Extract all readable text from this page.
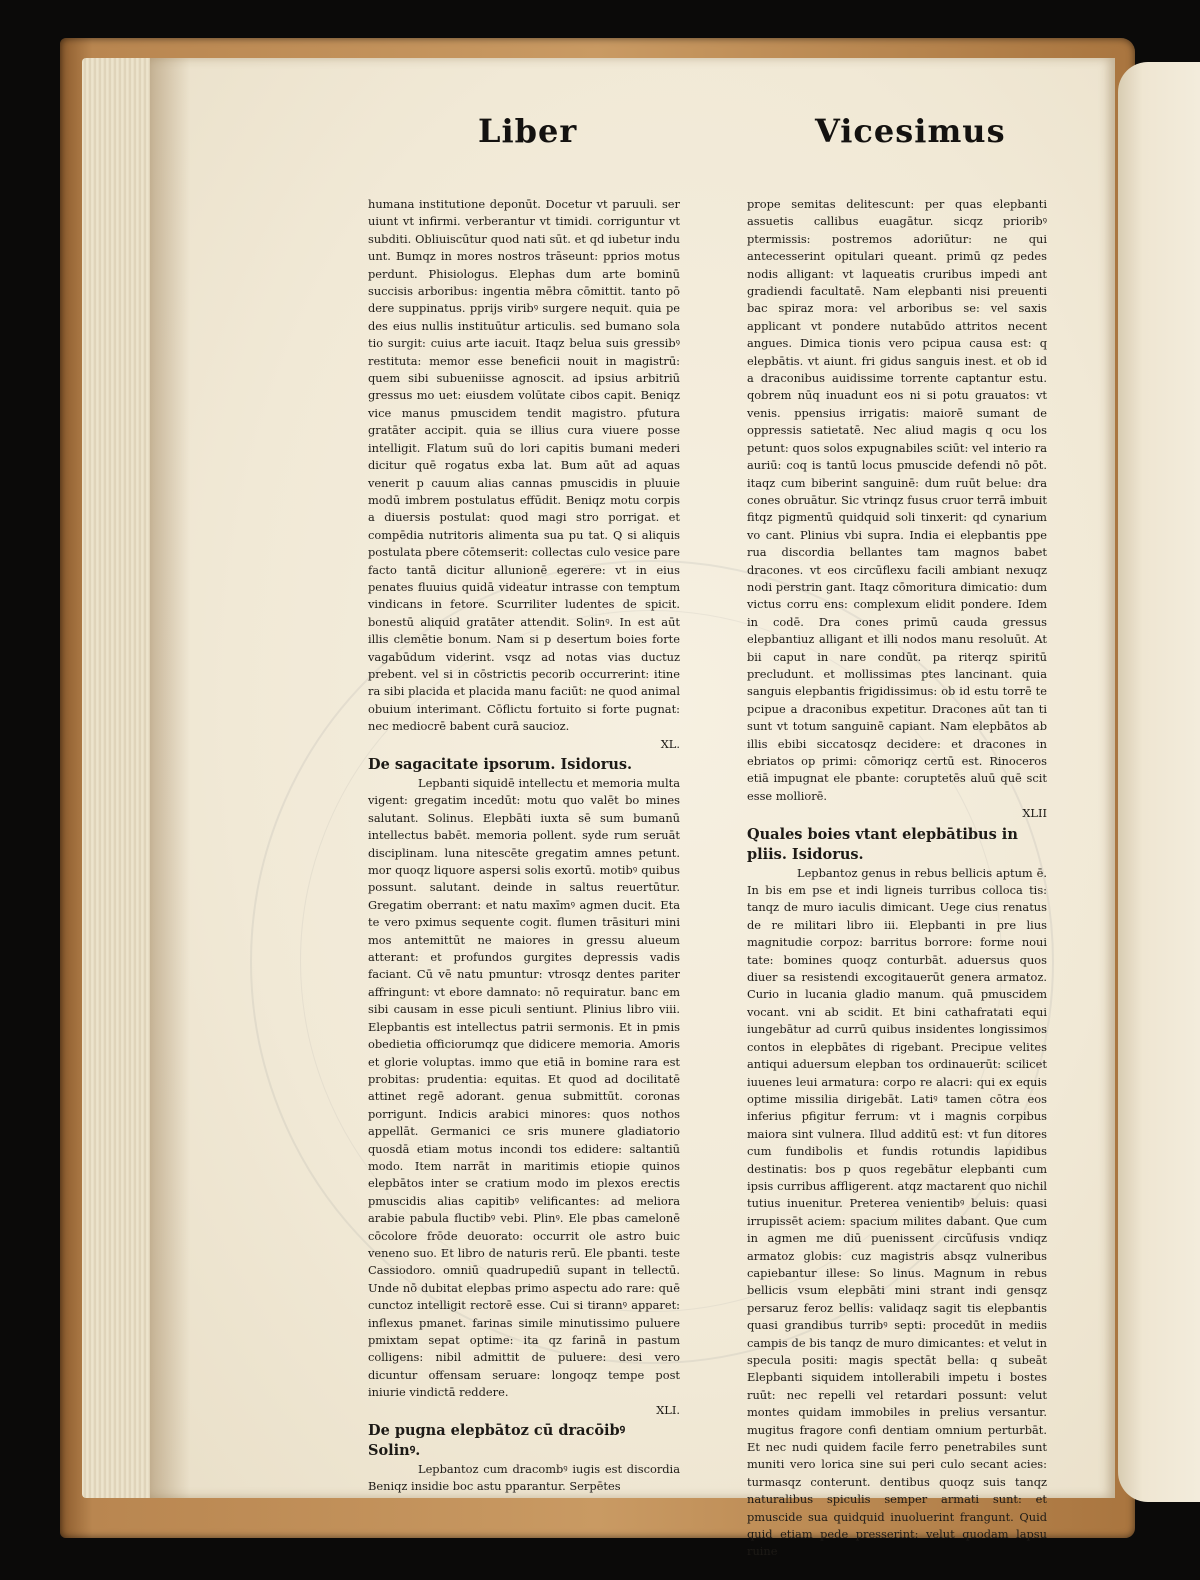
Liber	Vicesimus

humana institutione deponūt. Docetur vt paruuli. ser uiunt vt infirmi. verberantur vt timidi. corriguntur vt subditi. Obliuiscūtur quod nati sūt. et qd iubetur indu unt. Bumqz in mores nostros trāseunt: pprios motus perdunt. Phisiologus. Elephas dum arte bominū succisis arboribus: ingentia mēbra cōmittit. tanto pō dere suppinatus. pprijs viribꝰ surgere nequit. quia pe des eius nullis instituūtur articulis. sed bumano sola tio surgit: cuius arte iacuit. Itaqz belua suis gressibꝰ restituta: memor esse beneficii nouit in magistrū: quem sibi subueniisse agnoscit. ad ipsius arbitriū gressus mo uet: eiusdem volūtate cibos capit. Beniqz vice manus pmuscidem tendit magistro. pfutura gratāter accipit. quia se illius cura viuere posse intelligit. Flatum suū do lori capitis bumani mederi dicitur quē rogatus exba lat. Bum aūt ad aquas venerit p cauum alias cannas pmuscidis in pluuie modū imbrem postulatus effūdit. Beniqz motu corpis a diuersis postulat: quod magi stro porrigat. et compēdia nutritoris alimenta sua pu tat. Q si aliquis postulata pbere cōtemserit: collectas culo vesice pare facto tantā dicitur allunionē egerere: vt in eius penates fluuius quidā videatur intrasse con temptum vindicans in fetore. Scurriliter ludentes de spicit. bonestū aliquid gratāter attendit. Solinꝰ. In est aūt illis clemētie bonum. Nam si p desertum boies forte vagabūdum viderint. vsqz ad notas vias ductuz prebent. vel si in cōstrictis pecorib occurrerint: itine ra sibi placida et placida manu faciūt: ne quod animal obuium interimant. Cōflictu fortuito si forte pugnat: nec mediocrē babent curā saucioz.

XL.
De sagacitate ipsorum. Isidorus.

Lepbanti siquidē intellectu et memoria multa vigent: gregatim incedūt: motu quo valēt bo mines salutant. Solinus. Elepbāti iuxta sē sum bumanū intellectus babēt. memoria pollent. syde rum seruāt disciplinam. luna nitescēte gregatim amnes petunt. mor quoqz liquore aspersi solis exortū. motibꝰ quibus possunt. salutant. deinde in saltus reuertūtur. Gregatim oberrant: et natu maxīmꝰ agmen ducit. Eta te vero pximus sequente cogit. flumen trāsituri mini mos antemittūt ne maiores in gressu alueum atterant: et profundos gurgites depressis vadis faciant. Cū vē natu pmuntur: vtrosqz dentes pariter affringunt: vt ebore damnato: nō requiratur. banc em sibi causam in esse piculi sentiunt. Plinius libro viii. Elepbantis est intellectus patrii sermonis. Et in pmis obedietia officiorumqz que didicere memoria. Amoris et glorie voluptas. immo que etiā in bomine rara est probitas: prudentia: equitas. Et quod ad docilitatē attinet regē adorant. genua submittūt. coronas porrigunt. Indicis arabici minores: quos nothos appellāt. Germanici ce sris munere gladiatorio quosdā etiam motus incondi tos edidere: saltantiū modo. Item narrāt in maritimis etiopie quinos elepbātos inter se cratium modo im plexos erectis pmuscidis alias capitibꝰ velificantes: ad meliora arabie pabula fluctibꝰ vebi. Plinꝰ. Ele pbas camelonē cōcolore frōde deuorato: occurrit ole astro buic veneno suo. Et libro de naturis rerū. Ele pbanti. teste Cassiodoro. omniū quadrupediū supant in tellectū. Unde nō dubitat elepbas primo aspectu ado rare: quē cunctoz intelligit rectorē esse. Cui si tirannꝰ apparet: inflexus pmanet. farinas simile minutissimo puluere pmixtam sepat optime: ita qz farinā in pastum colligens: nibil admittit de puluere: desi vero dicuntur offensam seruare: longoqz tempe post iniurie vindictā reddere.

XLI.
De pugna elepbātoz cū dracōibꝰ Solinꝰ.

Lepbantoz cum dracombꝰ iugis est discordia Beniqz insidie boc astu pparantur. Serpētes

prope semitas delitescunt: per quas elepbanti assuetis callibus euagātur. sicqz prioribꝰ ptermissis: postremos adoriūtur: ne qui antecesserint opitulari queant. primū qz pedes nodis alligant: vt laqueatis cruribus impedi ant gradiendi facultatē. Nam elepbanti nisi preuenti bac spiraz mora: vel arboribus se: vel saxis applicant vt pondere nutabūdo attritos necent angues. Dimica tionis vero pcipua causa est: q elepbātis. vt aiunt. fri gidus sanguis inest. et ob id a draconibus auidissime torrente captantur estu. qobrem nūq inuadunt eos ni si potu grauatos: vt venis. ppensius irrigatis: maiorē sumant de oppressis satietatē. Nec aliud magis q ocu los petunt: quos solos expugnabiles sciūt: vel interio ra auriū: coq is tantū locus pmuscide defendi nō pōt. itaqz cum biberint sanguinē: dum ruūt belue: dra cones obruātur. Sic vtrinqz fusus cruor terrā imbuit fitqz pigmentū quidquid soli tinxerit: qd cynarium vo cant. Plinius vbi supra. India ei elepbantis ppe rua discordia bellantes tam magnos babet dracones. vt eos circūflexu facili ambiant nexuqz nodi perstrin gant. Itaqz cōmoritura dimicatio: dum victus corru ens: complexum elidit pondere. Idem in codē. Dra cones primū cauda gressus elepbantiuz alligant et illi nodos manu resoluūt. At bii caput in nare condūt. pa riterqz spiritū precludunt. et mollissimas ptes lancinant. quia sanguis elepbantis frigidissimus: ob id estu torrē te pcipue a draconibus expetitur. Dracones aūt tan ti sunt vt totum sanguinē capiant. Nam elepbātos ab illis ebibi siccatosqz decidere: et dracones in ebriatos op primi: cōmoriqz certū est. Rinoceros etiā impugnat ele pbante: coruptetēs aluū quē scit esse molliorē.

XLII
Quales boies vtant elepbātibus in pliis. Isidorus.

Lepbantoz genus in rebus bellicis aptum ē. In bis em pse et indi ligneis turribus colloca tis: tanqz de muro iaculis dimicant. Uege cius renatus de re militari libro iii. Elepbanti in pre lius magnitudie corpoz: barritus borrore: forme noui tate: bomines quoqz conturbāt. aduersus quos diuer sa resistendi excogitauerūt genera armatoz. Curio in lucania gladio manum. quā pmuscidem vocant. vni ab scidit. Et bini cathafratati equi iungebātur ad currū quibus insidentes longissimos contos in elepbātes di rigebant. Precipue velites antiqui aduersum elepban tos ordinauerūt: scilicet iuuenes leui armatura: corpo re alacri: qui ex equis optime missilia dirigebāt. Latiꝰ tamen cōtra eos inferius pfigitur ferrum: vt i magnis corpibus maiora sint vulnera. Illud additū est: vt fun ditores cum fundibolis et fundis rotundis lapidibus destinatis: bos p quos regebātur elepbanti cum ipsis curribus affligerent. atqz mactarent quo nichil tutius inuenitur. Preterea venientibꝰ beluis: quasi irrupissēt aciem: spacium milites dabant. Que cum in agmen me diū puenissent circūfusis vndiqz armatoz globis: cuz magistris absqz vulneribus capiebantur illese: So linus. Magnum in rebus bellicis vsum elepbāti mini strant indi gensqz persaruz feroz bellis: validaqz sagit tis elepbantis quasi grandibus turribꝰ septi: procedūt in mediis campis de bis tanqz de muro dimicantes: et velut in specula positi: magis spectāt bella: q subeāt Elepbanti siquidem intollerabili impetu i bostes ruūt: nec repelli vel retardari possunt: velut montes quidam immobiles in prelius versantur. mugitus fragore confi dentiam omnium perturbāt. Et nec nudi quidem facile ferro penetrabiles sunt muniti vero lorica sine sui peri culo secant acies: turmasqz conterunt. dentibus quoqz suis tanqz naturalibus spiculis semper armati sunt: et pmuscide sua quidquid inuoluerint frangunt. Quid quid etiam pede presserint: velut quodam lapsu ruine
